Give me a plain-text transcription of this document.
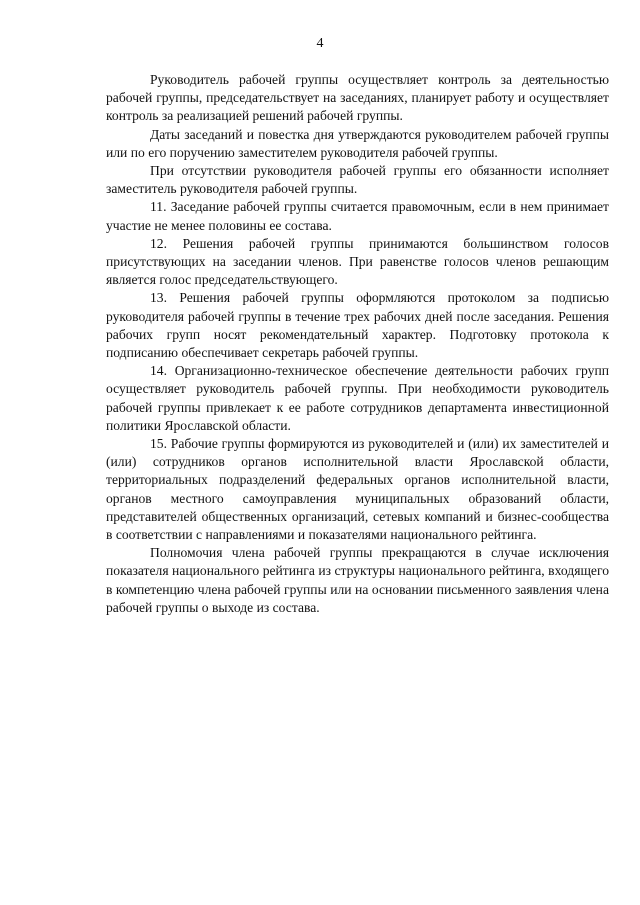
4

Руководитель рабочей группы осуществляет контроль за деятельностью рабочей группы, председательствует на заседаниях, планирует работу и осуществляет контроль за реализацией решений рабочей группы.

Даты заседаний и повестка дня утверждаются руководителем рабочей группы или по его поручению заместителем руководителя рабочей группы.

При отсутствии руководителя рабочей группы его обязанности исполняет заместитель руководителя рабочей группы.

11. Заседание рабочей группы считается правомочным, если в нем принимает участие не менее половины ее состава.

12. Решения рабочей группы принимаются большинством голосов присутствующих на заседании членов. При равенстве голосов членов решающим является голос председательствующего.

13. Решения рабочей группы оформляются протоколом за подписью руководителя рабочей группы в течение трех рабочих дней после заседания. Решения рабочих групп носят рекомендательный характер. Подготовку протокола к подписанию обеспечивает секретарь рабочей группы.

14. Организационно-техническое обеспечение деятельности рабочих групп осуществляет руководитель рабочей группы. При необходимости руководитель рабочей группы привлекает к ее работе сотрудников департамента инвестиционной политики Ярославской области.

15. Рабочие группы формируются из руководителей и (или) их заместителей и (или) сотрудников органов исполнительной власти Ярославской области, территориальных подразделений федеральных органов исполнительной власти, органов местного самоуправления муниципальных образований области, представителей общественных организаций, сетевых компаний и бизнес-сообщества в соответствии с направлениями и показателями национального рейтинга.

Полномочия члена рабочей группы прекращаются в случае исключения показателя национального рейтинга из структуры национального рейтинга, входящего в компетенцию члена рабочей группы или на основании письменного заявления члена рабочей группы о выходе из состава.
